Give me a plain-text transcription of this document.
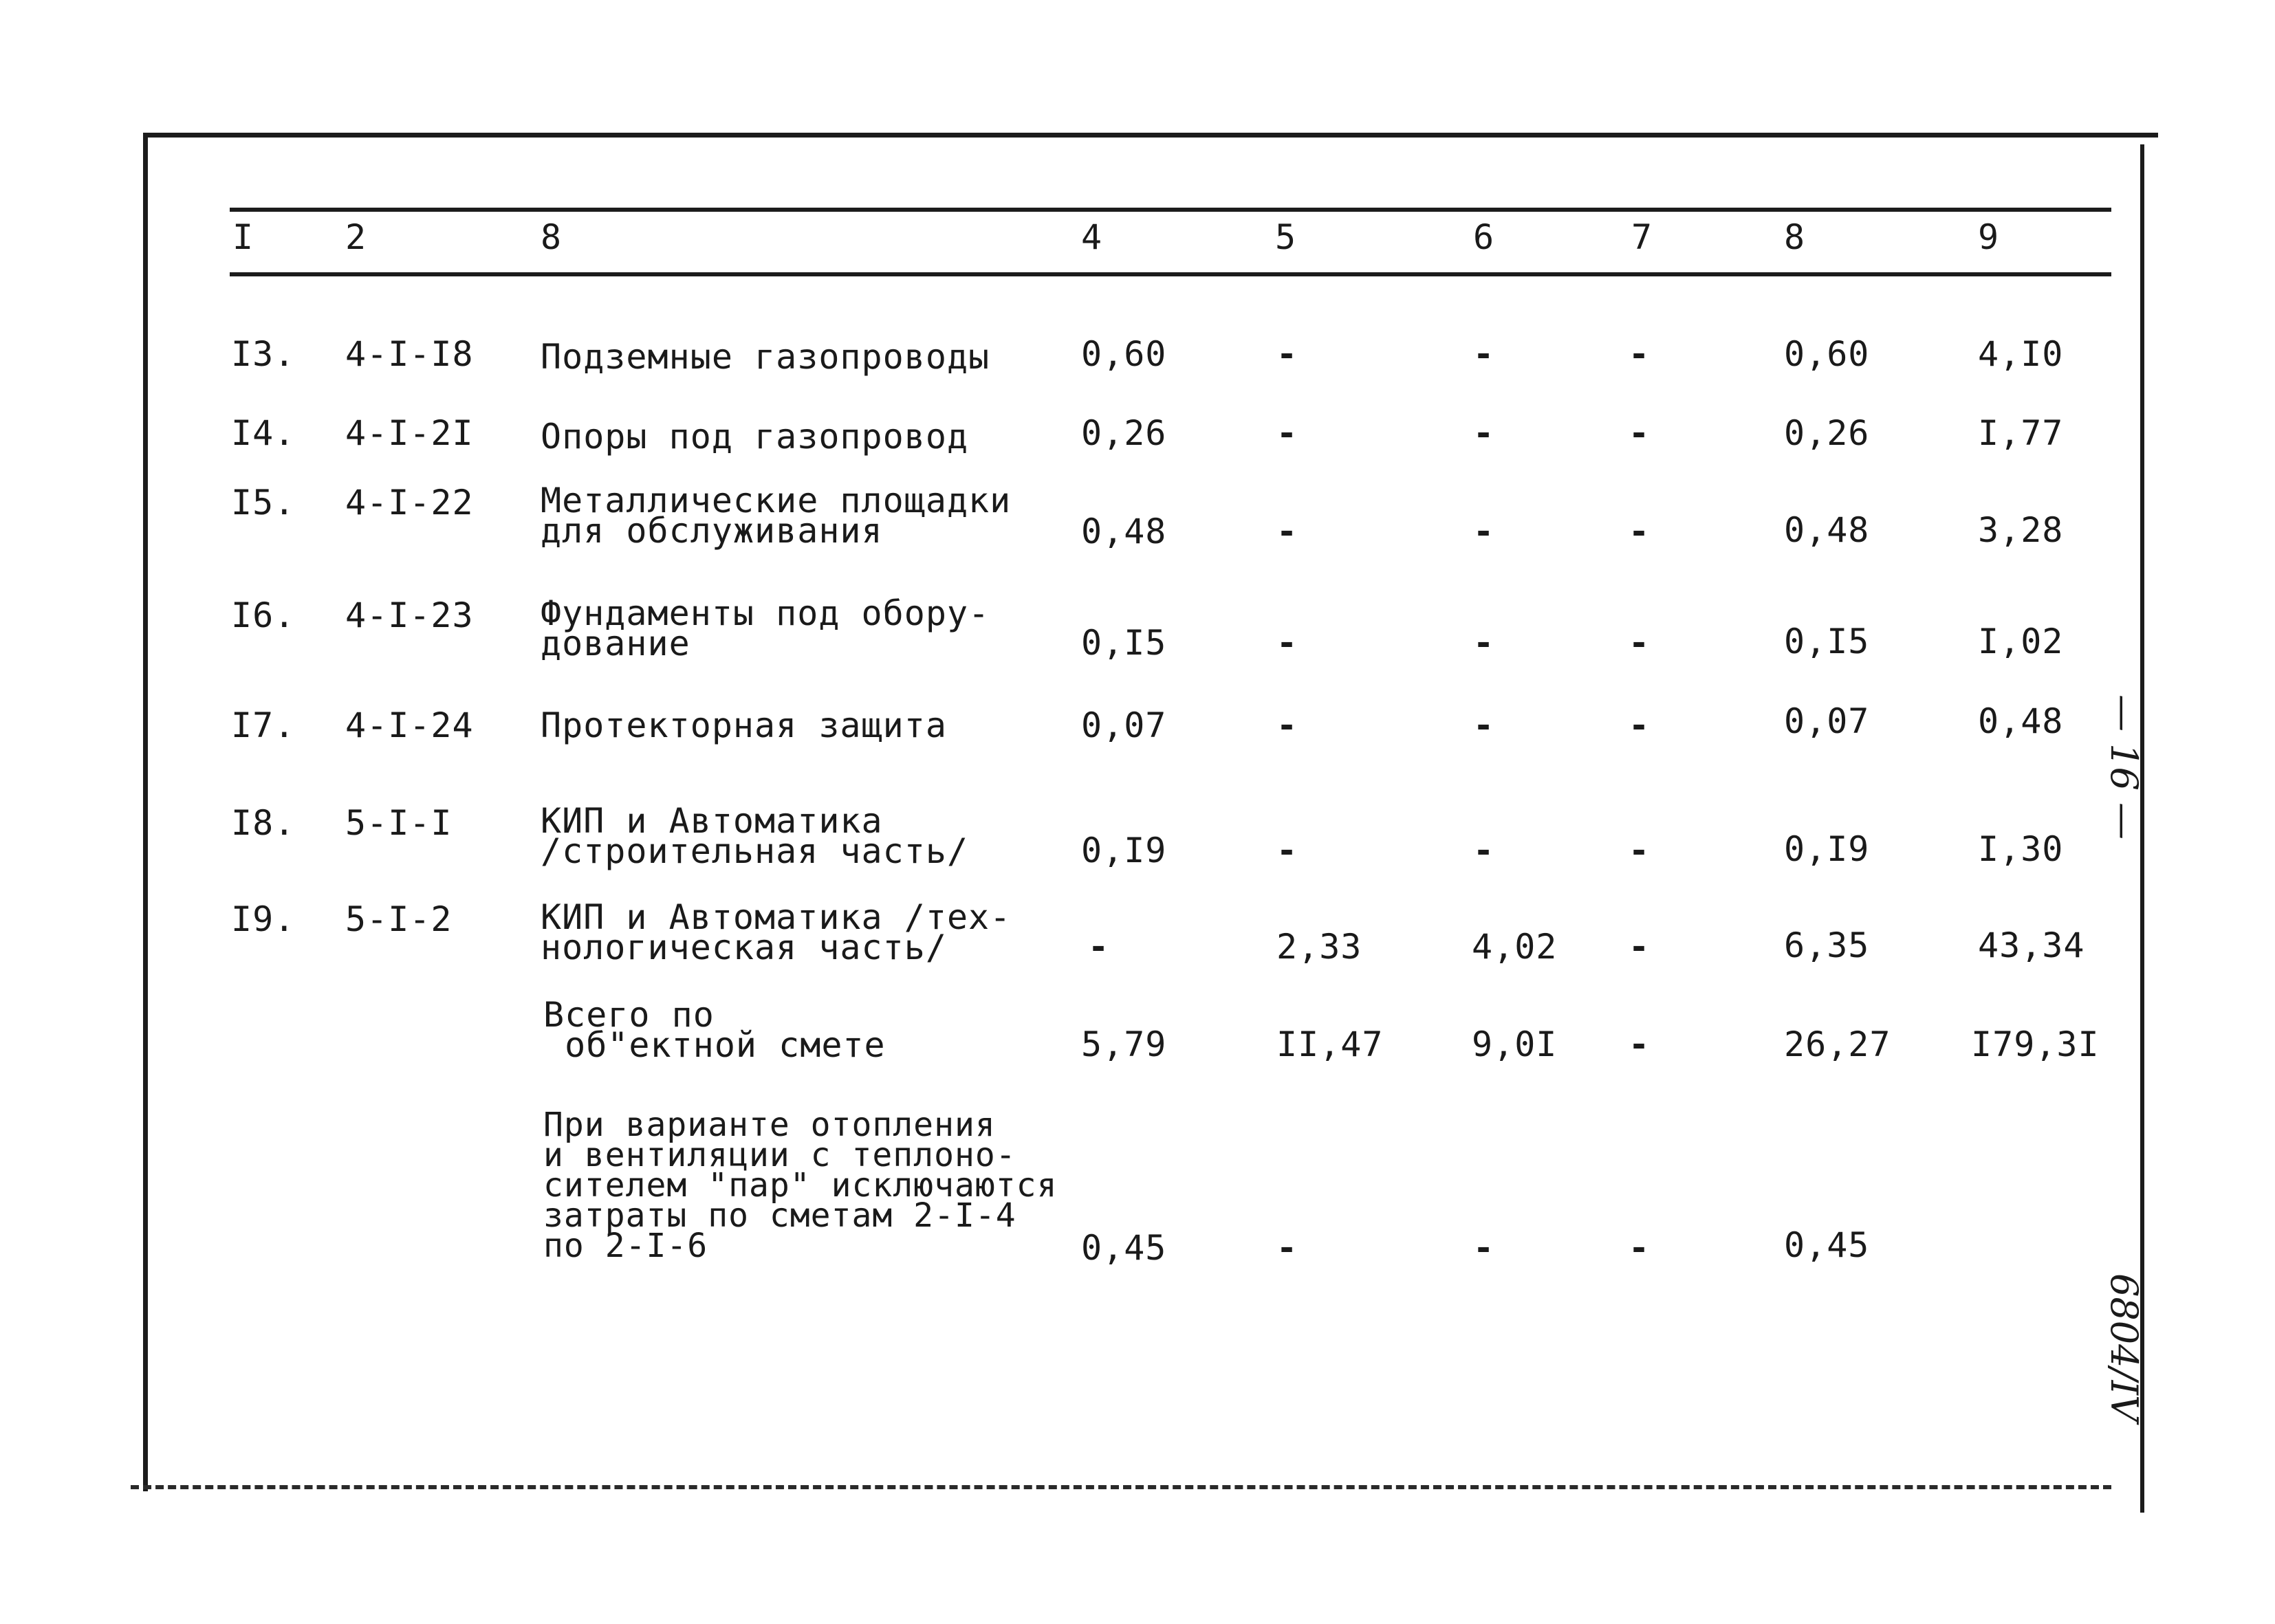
I	2	8	4	5	6	7	8	9
I3. 4-I-I8 Подземные газопроводы	0,60	-	-	-	0,60	4,I0
I4. 4-I-2I Опоры под газопровод	0,26	-	-	-	0,26	I,77
I5. 4-I-22 Металлические площадки
для обслуживания	0,48	-	-	-	0,48	3,28
I6. 4-I-23 Фундаменты под обору-
дование	0,I5	-	-	-	0,I5	I,02
I7. 4-I-24 Протекторная защита	0,07	-	-	-	0,07	0,48
I8. 5-I-I	КИП и Автоматика
/строительная часть/	0,I9	-	-	-	0,I9	I,30
I9. 5-I-2	КИП и Автоматика /тех-
нологическая часть/	-	2,33	4,02 -	6,35	43,34
Всего по
об"ектной смете	5,79	II,47	9,0I -	26,27 I79,3I
При варианте отопления
и вентиляции с теплоно-
сителем "пар" исключаются
затраты по сметам 2-I-4
по 2-I-6	0,45	-	-	-	0,45
— 16 —
6804/IV
